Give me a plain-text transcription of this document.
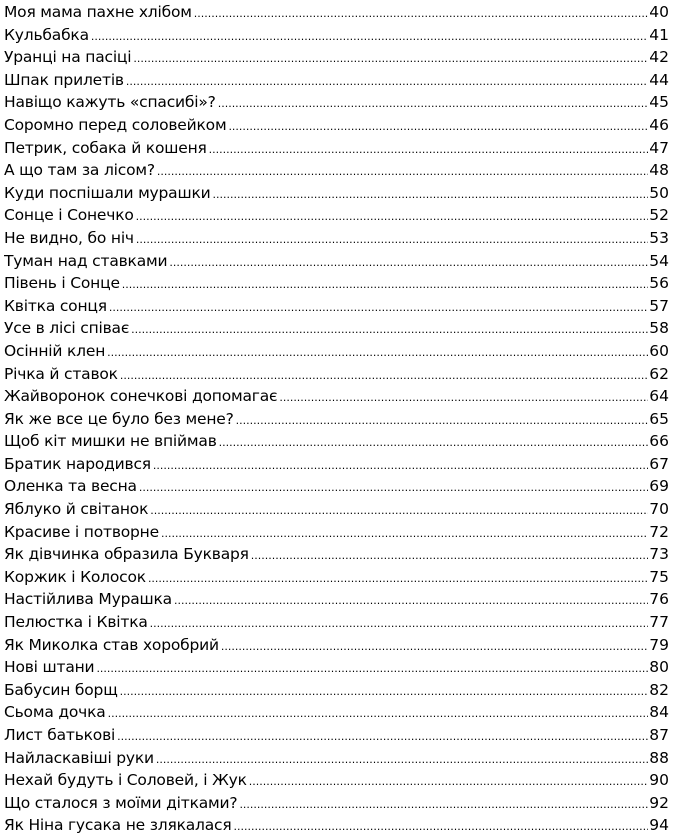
Моя мама пахне хлібом .....	40
Кульбабка .....	41
Уранці на пасіці .....	42
Шпак прилетів .....	44
Навіщо кажуть «спасибі»? .....	45
Соромно перед соловейком .....	46
Петрик, собака й кошеня .....	47
А що там за лісом? .....	48
Куди поспішали мурашки .....	50
Сонце і Сонечко .....	52
Не видно, бо ніч .....	53
Туман над ставками .....	54
Півень і Сонце .....	56
Квітка сонця .....	57
Усе в лісі співає .....	58
Осінній клен .....	60
Річка й ставок .....	62
Жайворонок сонечкові допомагає .....	64
Як же все це було без мене? .....	65
Щоб кіт мишки не впіймав .....	66
Братик народився .....	67
Оленка та весна .....	69
Яблуко й світанок .....	70
Красиве і потворне .....	72
Як дівчинка образила Букваря .....	73
Коржик і Колосок .....	75
Настійлива Мурашка .....	76
Пелюстка і Квітка .....	77
Як Миколка став хоробрий .....	79
Нові штани .....	80
Бабусин борщ .....	82
Сьома дочка .....	84
Лист батькові .....	87
Найласкавіші руки .....	88
Нехай будуть і Соловей, і Жук .....	90
Що сталося з моїми дітками? .....	92
Як Ніна гусака не злякалася .....	94
